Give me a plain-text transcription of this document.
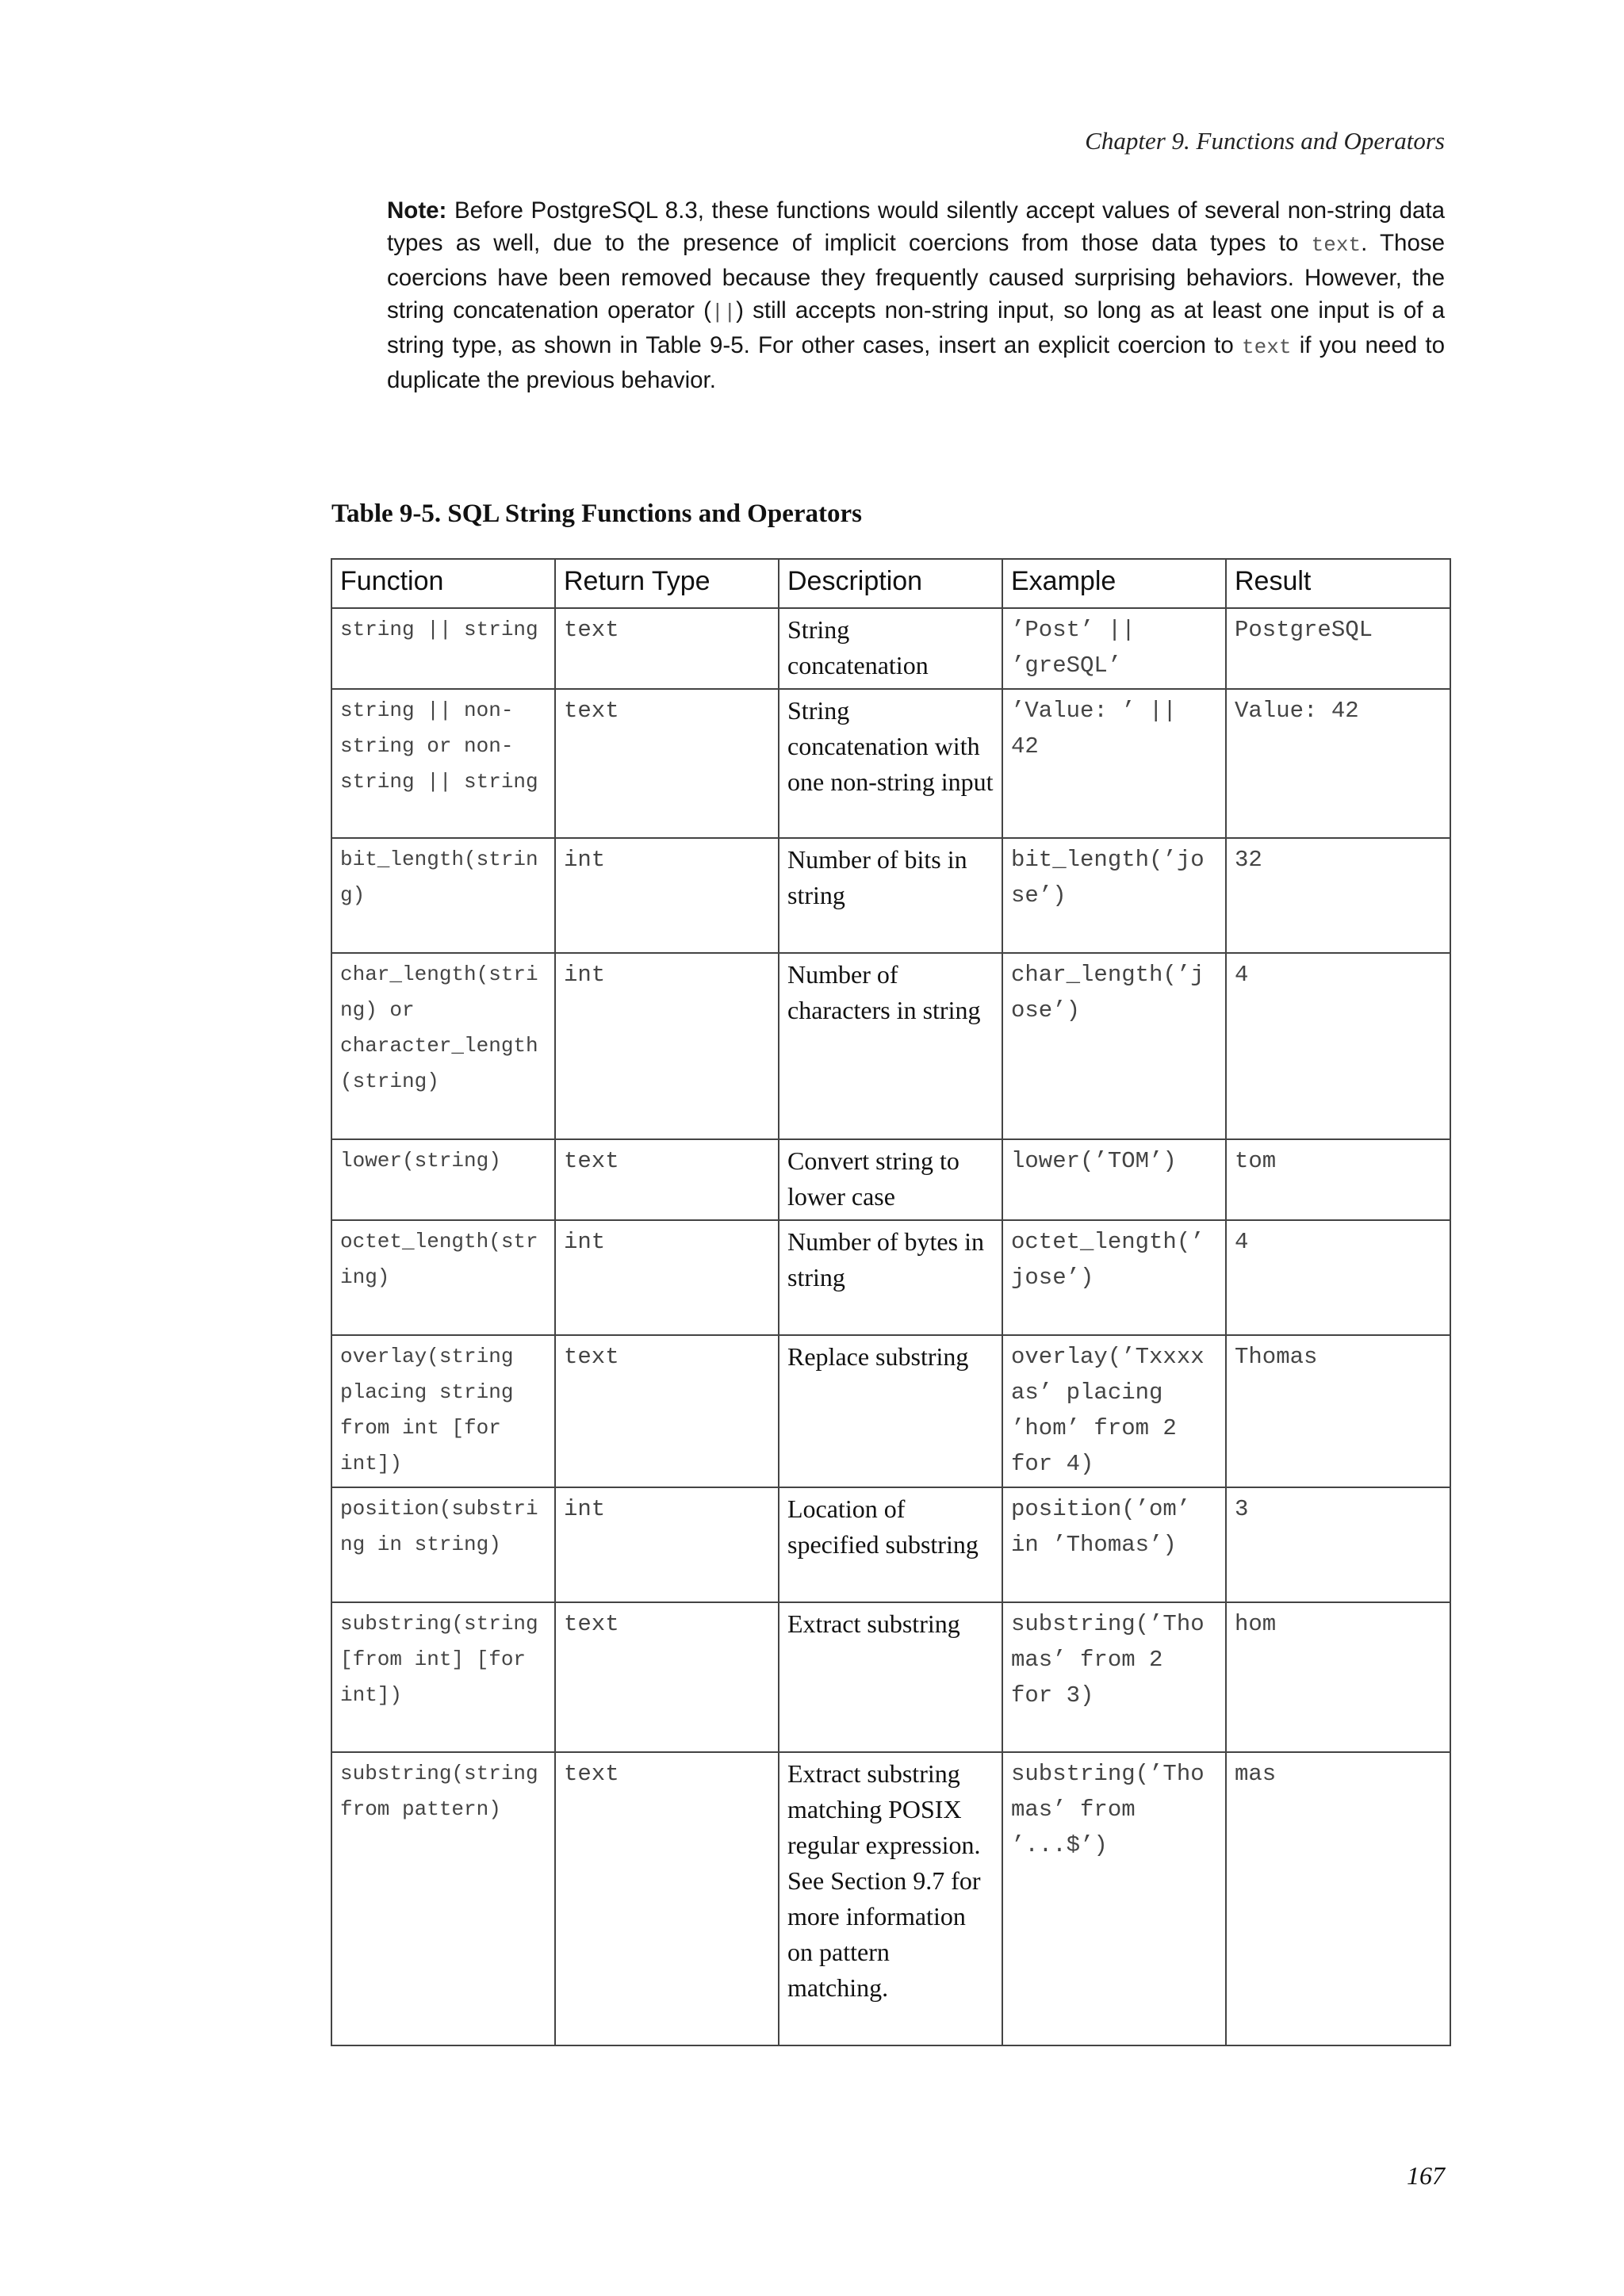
Chapter 9. Functions and Operators
Note: Before PostgreSQL 8.3, these functions would silently accept values of several non-string data types as well, due to the presence of implicit coercions from those data types to text. Those coercions have been removed because they frequently caused surprising behaviors. However, the string concatenation operator (||) still accepts non-string input, so long as at least one input is of a string type, as shown in Table 9-5. For other cases, insert an explicit coercion to text if you need to duplicate the previous behavior.
Table 9-5. SQL String Functions and Operators
Function	Return Type	Description	Example	Result
string || string	text	String concatenation	’Post’ || ’greSQL’	PostgreSQL
string || non-string or non-string || string	text	String concatenation with one non-string input	’Value: ’ || 42	Value: 42
bit_length(string)	int	Number of bits in string	bit_length(’jose’)	32
char_length(string) or character_length(string)	int	Number of characters in string	char_length(’jose’)	4
lower(string)	text	Convert string to lower case	lower(’TOM’)	tom
octet_length(string)	int	Number of bytes in string	octet_length(’jose’)	4
overlay(string placing string from int [for int])	text	Replace substring	overlay(’Txxxxas’ placing ’hom’ from 2 for 4)	Thomas
position(substring in string)	int	Location of specified substring	position(’om’ in ’Thomas’)	3
substring(string [from int] [for int])	text	Extract substring	substring(’Thomas’ from 2 for 3)	hom
substring(string from pattern)	text	Extract substring matching POSIX regular expression. See Section 9.7 for more information on pattern matching.	substring(’Thomas’ from ’...$’)	mas
167
